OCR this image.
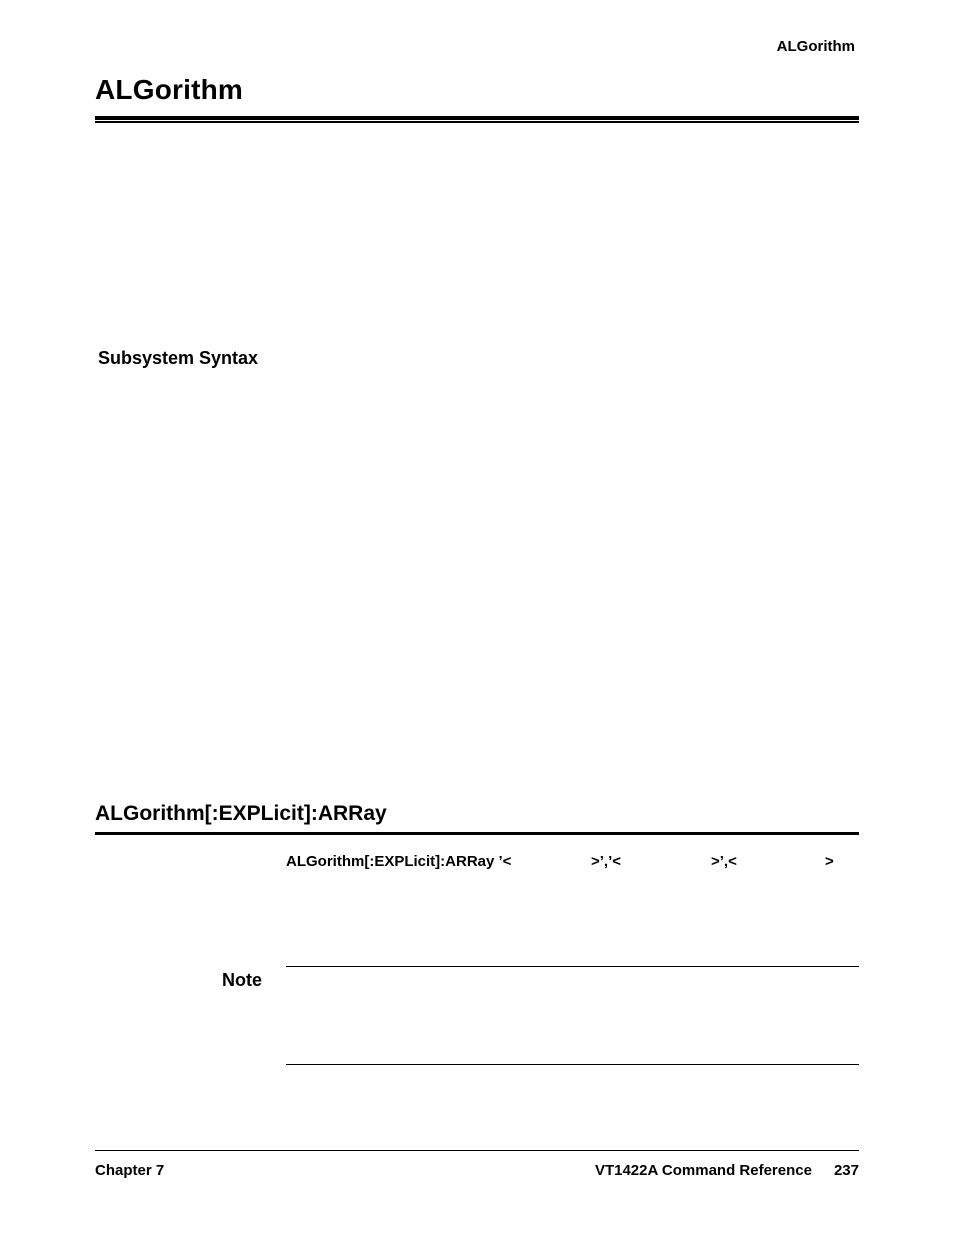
ALGorithm
ALGorithm
Subsystem Syntax
ALGorithm[:EXPLicit]:ARRay
ALGorithm[:EXPLicit]:ARRay ’<	>’,’<	>’,<	>
Note
Chapter 7	VT1422A Command Reference 237
